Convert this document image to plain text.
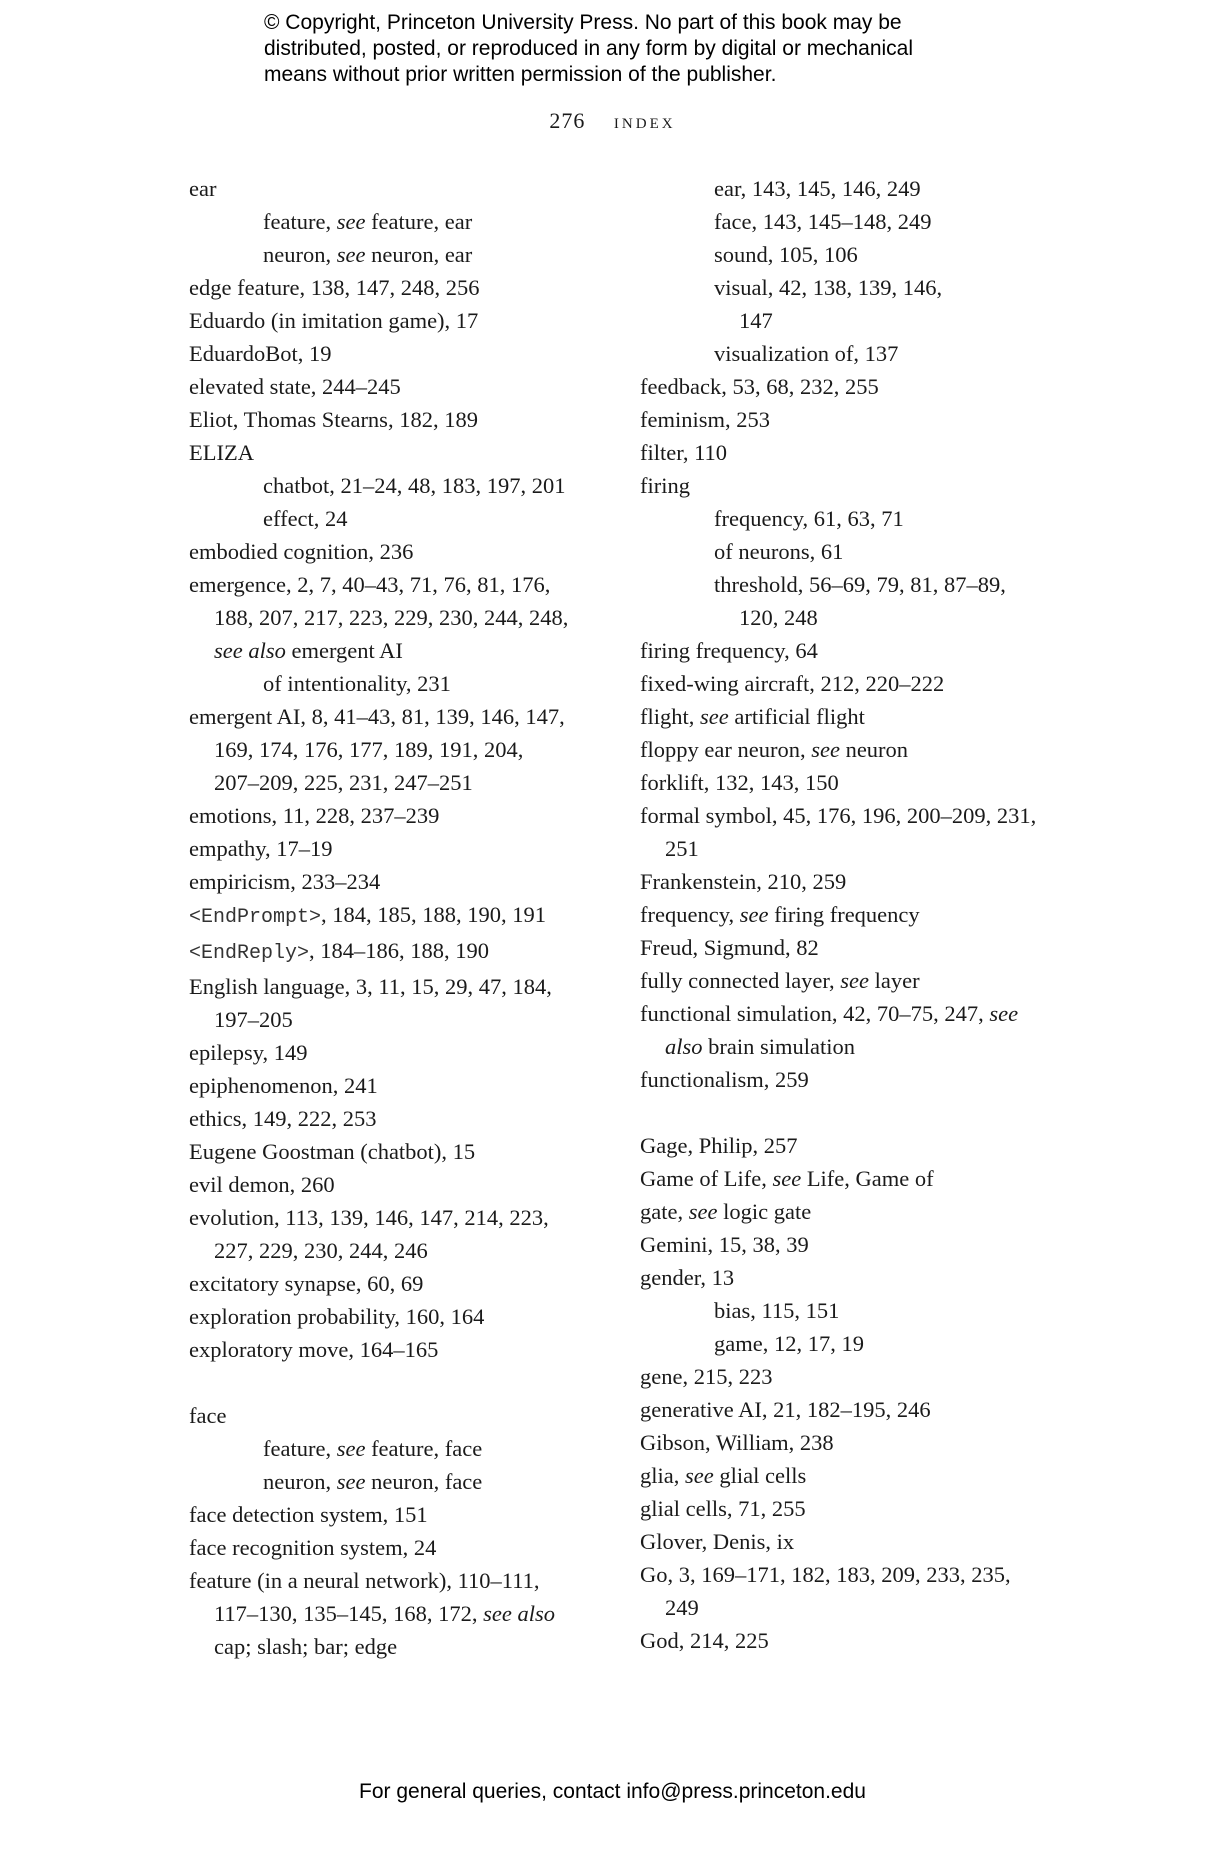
© Copyright, Princeton University Press. No part of this book may be
distributed, posted, or reproduced in any form by digital or mechanical
means without prior written permission of the publisher.
276 index
ear
feature, see feature, ear
neuron, see neuron, ear
edge feature, 138, 147, 248, 256
Eduardo (in imitation game), 17
EduardoBot, 19
elevated state, 244–245
Eliot, Thomas Stearns, 182, 189
ELIZA
chatbot, 21–24, 48, 183, 197, 201
effect, 24
embodied cognition, 236
emergence, 2, 7, 40–43, 71, 76, 81, 176,
188, 207, 217, 223, 229, 230, 244, 248,
see also emergent AI
of intentionality, 231
emergent AI, 8, 41–43, 81, 139, 146, 147,
169, 174, 176, 177, 189, 191, 204,
207–209, 225, 231, 247–251
emotions, 11, 228, 237–239
empathy, 17–19
empiricism, 233–234
<EndPrompt>, 184, 185, 188, 190, 191
<EndReply>, 184–186, 188, 190
English language, 3, 11, 15, 29, 47, 184,
197–205
epilepsy, 149
epiphenomenon, 241
ethics, 149, 222, 253
Eugene Goostman (chatbot), 15
evil demon, 260
evolution, 113, 139, 146, 147, 214, 223,
227, 229, 230, 244, 246
excitatory synapse, 60, 69
exploration probability, 160, 164
exploratory move, 164–165
face
feature, see feature, face
neuron, see neuron, face
face detection system, 151
face recognition system, 24
feature (in a neural network), 110–111,
117–130, 135–145, 168, 172, see also
cap; slash; bar; edge
ear, 143, 145, 146, 249
face, 143, 145–148, 249
sound, 105, 106
visual, 42, 138, 139, 146,
147
visualization of, 137
feedback, 53, 68, 232, 255
feminism, 253
filter, 110
firing
frequency, 61, 63, 71
of neurons, 61
threshold, 56–69, 79, 81, 87–89,
120, 248
firing frequency, 64
fixed-wing aircraft, 212, 220–222
flight, see artificial flight
floppy ear neuron, see neuron
forklift, 132, 143, 150
formal symbol, 45, 176, 196, 200–209, 231,
251
Frankenstein, 210, 259
frequency, see firing frequency
Freud, Sigmund, 82
fully connected layer, see layer
functional simulation, 42, 70–75, 247, see
also brain simulation
functionalism, 259
Gage, Philip, 257
Game of Life, see Life, Game of
gate, see logic gate
Gemini, 15, 38, 39
gender, 13
bias, 115, 151
game, 12, 17, 19
gene, 215, 223
generative AI, 21, 182–195, 246
Gibson, William, 238
glia, see glial cells
glial cells, 71, 255
Glover, Denis, ix
Go, 3, 169–171, 182, 183, 209, 233, 235,
249
God, 214, 225
For general queries, contact info@press.princeton.edu
